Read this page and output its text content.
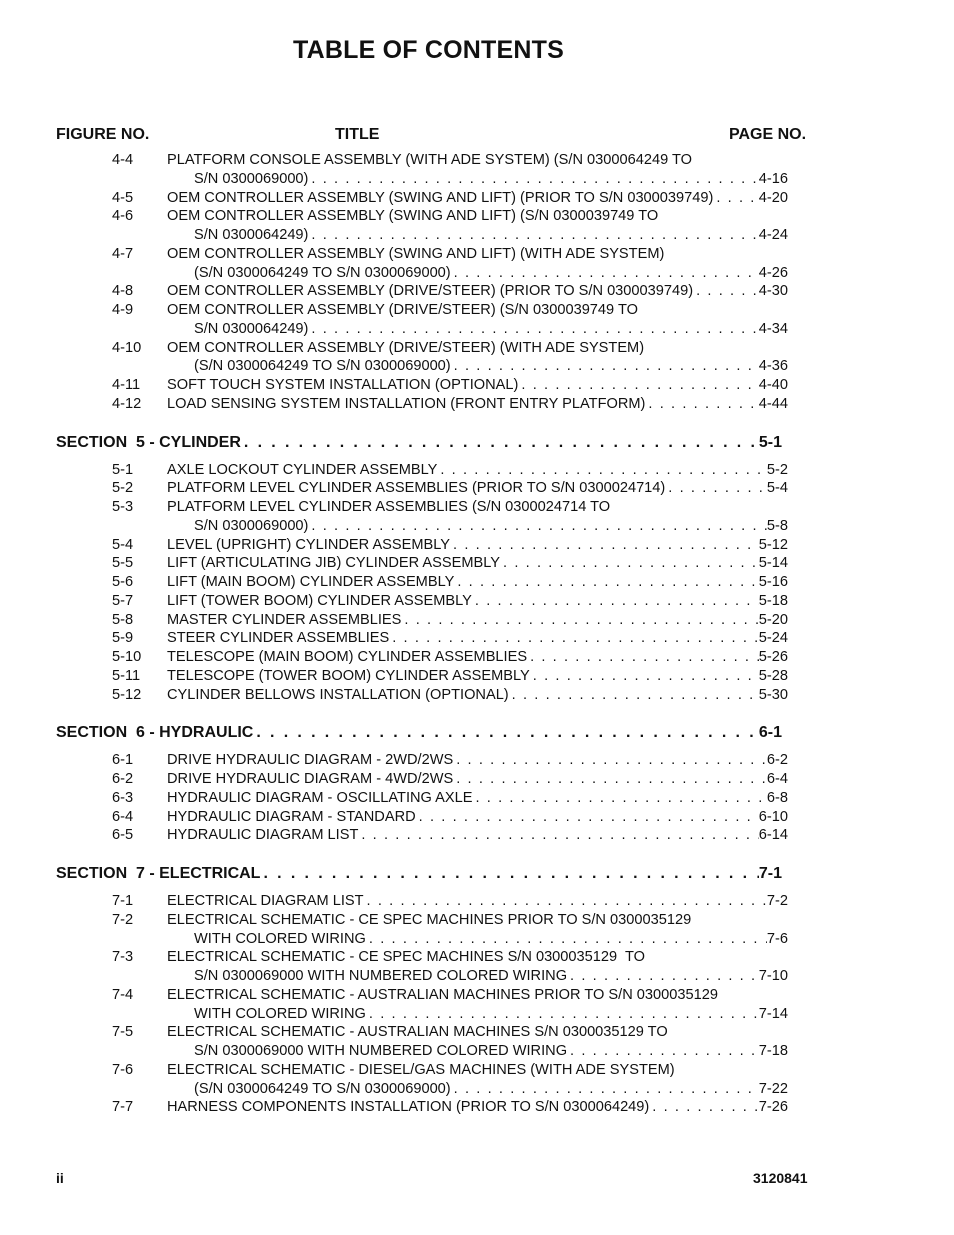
TABLE OF CONTENTS
FIGURE NO.	TITLE	PAGE NO.
4-4 PLATFORM CONSOLE ASSEMBLY (WITH ADE SYSTEM) (S/N 0300064249 TO
S/N 0300069000) . . .	4-16
4-5 OEM CONTROLLER ASSEMBLY (SWING AND LIFT) (PRIOR TO S/N 0300039749) . . .	4-20
4-6 OEM CONTROLLER ASSEMBLY (SWING AND LIFT) (S/N 0300039749 TO
S/N 0300064249) . . .	4-24
4-7 OEM CONTROLLER ASSEMBLY (SWING AND LIFT) (WITH ADE SYSTEM)
(S/N 0300064249 TO S/N 0300069000) . . .	4-26
4-8 OEM CONTROLLER ASSEMBLY (DRIVE/STEER) (PRIOR TO S/N 0300039749) . . .	4-30
4-9 OEM CONTROLLER ASSEMBLY (DRIVE/STEER) (S/N 0300039749 TO
S/N 0300064249) . . .	4-34
4-10 OEM CONTROLLER ASSEMBLY (DRIVE/STEER) (WITH ADE SYSTEM)
(S/N 0300064249 TO S/N 0300069000) . . .	4-36
4-11 SOFT TOUCH SYSTEM INSTALLATION (OPTIONAL) . . .	4-40
4-12 LOAD SENSING SYSTEM INSTALLATION (FRONT ENTRY PLATFORM) . . .	4-44
SECTION  5 - CYLINDER . . .	5-1
5-1 AXLE LOCKOUT CYLINDER ASSEMBLY . . .	5-2
5-2 PLATFORM LEVEL CYLINDER ASSEMBLIES (PRIOR TO S/N 0300024714) . . .	5-4
5-3 PLATFORM LEVEL CYLINDER ASSEMBLIES (S/N 0300024714 TO
S/N 0300069000) . . .	5-8
5-4 LEVEL (UPRIGHT) CYLINDER ASSEMBLY . . .	5-12
5-5 LIFT (ARTICULATING JIB) CYLINDER ASSEMBLY . . .	5-14
5-6 LIFT (MAIN BOOM) CYLINDER ASSEMBLY . . .	5-16
5-7 LIFT (TOWER BOOM) CYLINDER ASSEMBLY . . .	5-18
5-8 MASTER CYLINDER ASSEMBLIES . . .	5-20
5-9 STEER CYLINDER ASSEMBLIES . . .	5-24
5-10 TELESCOPE (MAIN BOOM) CYLINDER ASSEMBLIES . . .	5-26
5-11 TELESCOPE (TOWER BOOM) CYLINDER ASSEMBLY . . .	5-28
5-12 CYLINDER BELLOWS INSTALLATION (OPTIONAL) . . .	5-30
SECTION  6 - HYDRAULIC . . .	6-1
6-1 DRIVE HYDRAULIC DIAGRAM - 2WD/2WS . . .	6-2
6-2 DRIVE HYDRAULIC DIAGRAM - 4WD/2WS . . .	6-4
6-3 HYDRAULIC DIAGRAM - OSCILLATING AXLE . . .	6-8
6-4 HYDRAULIC DIAGRAM - STANDARD . . .	6-10
6-5 HYDRAULIC DIAGRAM LIST . . .	6-14
SECTION  7 - ELECTRICAL . . .	7-1
7-1 ELECTRICAL DIAGRAM LIST . . .	7-2
7-2 ELECTRICAL SCHEMATIC - CE SPEC MACHINES PRIOR TO S/N 0300035129
WITH COLORED WIRING . . .	7-6
7-3 ELECTRICAL SCHEMATIC - CE SPEC MACHINES S/N 0300035129  TO
S/N 0300069000 WITH NUMBERED COLORED WIRING . . .	7-10
7-4 ELECTRICAL SCHEMATIC - AUSTRALIAN MACHINES PRIOR TO S/N 0300035129
WITH COLORED WIRING . . .	7-14
7-5 ELECTRICAL SCHEMATIC - AUSTRALIAN MACHINES S/N 0300035129 TO
S/N 0300069000 WITH NUMBERED COLORED WIRING . . .	7-18
7-6 ELECTRICAL SCHEMATIC - DIESEL/GAS MACHINES (WITH ADE SYSTEM)
(S/N 0300064249 TO S/N 0300069000) . . .	7-22
7-7 HARNESS COMPONENTS INSTALLATION (PRIOR TO S/N 0300064249) . . .	7-26
ii	3120841
